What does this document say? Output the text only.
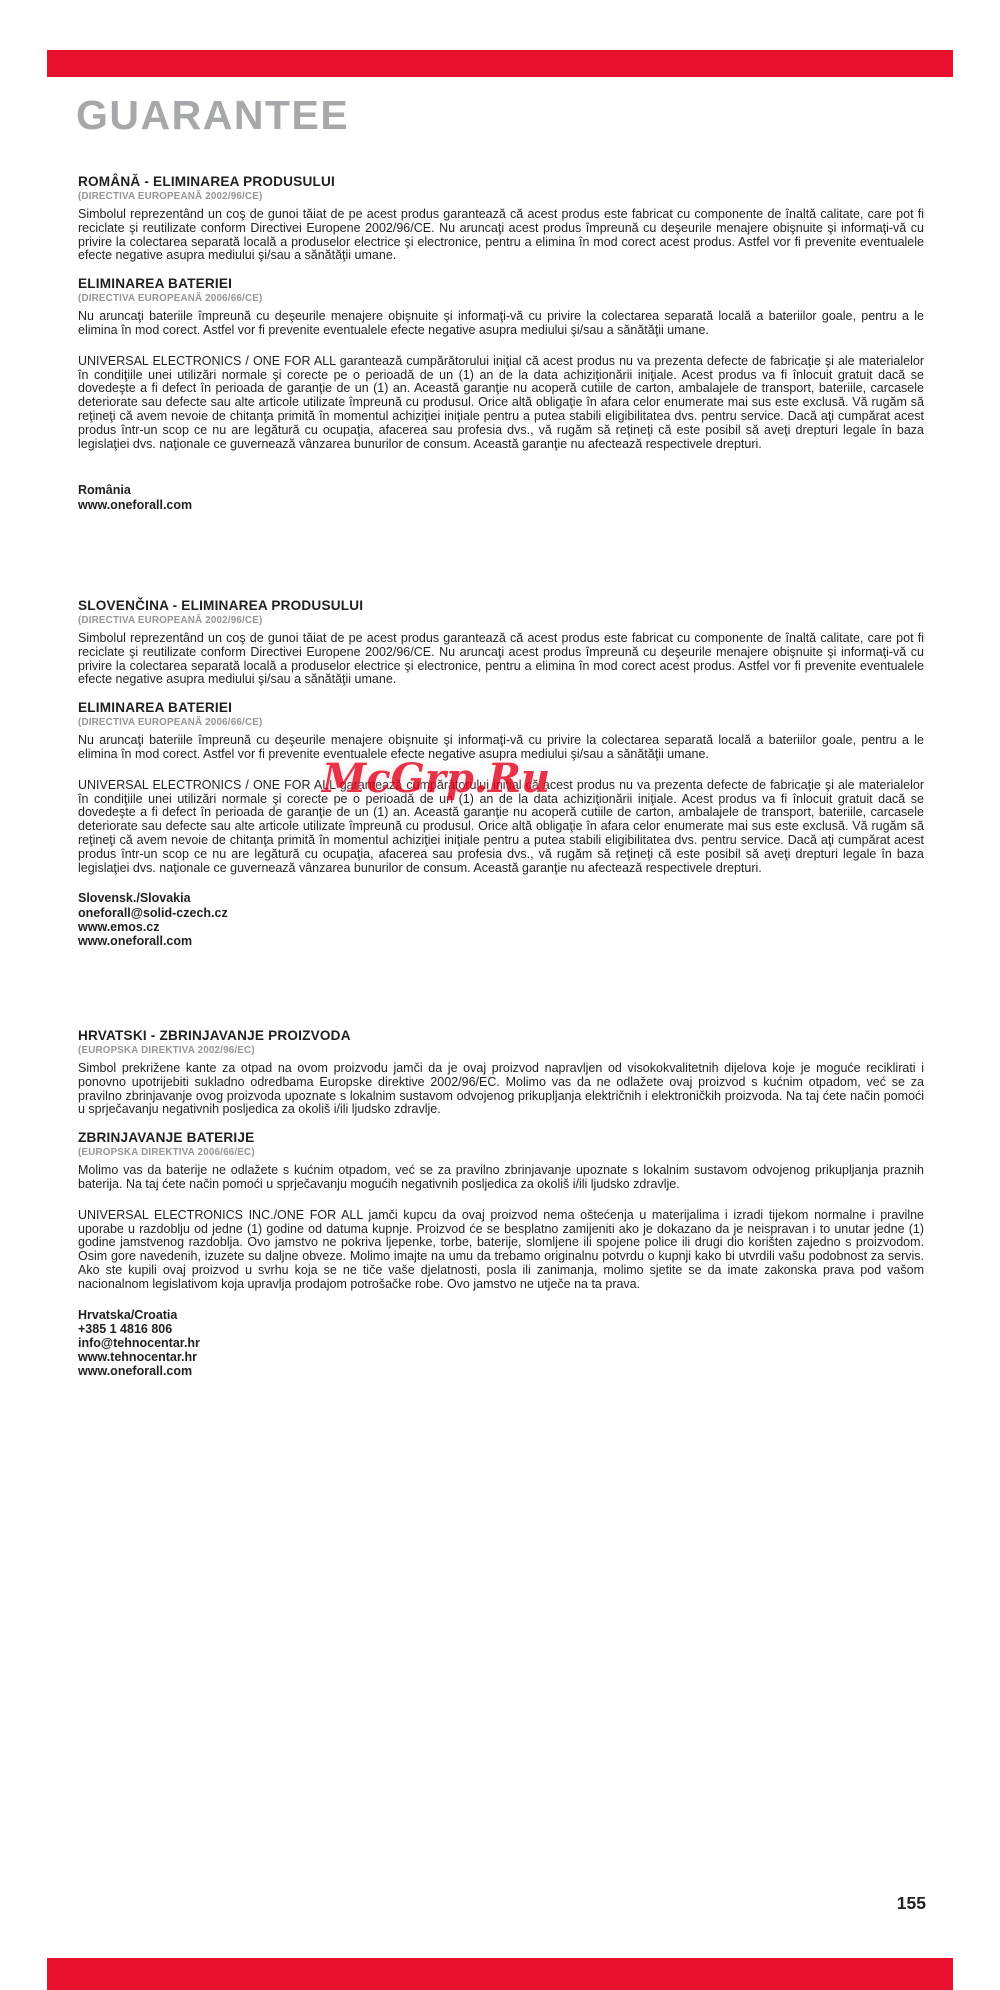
GUARANTEE
ROMÂNĂ - ELIMINAREA PRODUSULUI
(DIRECTIVA EUROPEANĂ 2002/96/CE)

Simbolul reprezentând un coş de gunoi tăiat de pe acest produs garantează că acest produs este fabricat cu componente de înaltă calitate, care pot fi reciclate şi reutilizate conform Directivei Europene 2002/96/CE. Nu aruncaţi acest produs împreună cu deşeurile menajere obişnuite şi informaţi-vă cu privire la colectarea separată locală a produselor electrice şi electronice, pentru a elimina în mod corect acest produs. Astfel vor fi prevenite eventualele efecte negative asupra mediului şi/sau a sănătăţii umane.

ELIMINAREA BATERIEI
(DIRECTIVA EUROPEANĂ 2006/66/CE)

Nu aruncaţi bateriile împreună cu deşeurile menajere obişnuite şi informaţi-vă cu privire la colectarea separată locală a bateriilor goale, pentru a le elimina în mod corect. Astfel vor fi prevenite eventualele efecte negative asupra mediului şi/sau a sănătăţii umane.

UNIVERSAL ELECTRONICS / ONE FOR ALL garantează cumpărătorului iniţial că acest produs nu va prezenta defecte de fabricaţie şi ale materialelor în condiţiile unei utilizări normale şi corecte pe o perioadă de un (1) an de la data achiziţionării iniţiale. Acest produs va fi înlocuit gratuit dacă se dovedeşte a fi defect în perioada de garanţie de un (1) an. Această garanţie nu acoperă cutiile de carton, ambalajele de transport, bateriile, carcasele deteriorate sau defecte sau alte articole utilizate împreună cu produsul. Orice altă obligaţie în afara celor enumerate mai sus este exclusă. Vă rugăm să reţineţi că avem nevoie de chitanţa primită în momentul achiziţiei iniţiale pentru a putea stabili eligibilitatea dvs. pentru service. Dacă aţi cumpărat acest produs într-un scop ce nu are legătură cu ocupaţia, afacerea sau profesia dvs., vă rugăm să reţineţi că este posibil să aveţi drepturi legale în baza legislaţiei dvs. naţionale ce guvernează vânzarea bunurilor de consum. Această garanţie nu afectează respectivele drepturi.

România
www.oneforall.com
SLOVENČINA - ELIMINAREA PRODUSULUI
(DIRECTIVA EUROPEANĂ 2002/96/CE)

Simbolul reprezentând un coş de gunoi tăiat de pe acest produs garantează că acest produs este fabricat cu componente de înaltă calitate, care pot fi reciclate şi reutilizate conform Directivei Europene 2002/96/CE. Nu aruncaţi acest produs împreună cu deşeurile menajere obişnuite şi informaţi-vă cu privire la colectarea separată locală a produselor electrice şi electronice, pentru a elimina în mod corect acest produs. Astfel vor fi prevenite eventualele efecte negative asupra mediului şi/sau a sănătăţii umane.

ELIMINAREA BATERIEI
(DIRECTIVA EUROPEANĂ 2006/66/CE)

Nu aruncaţi bateriile împreună cu deşeurile menajere obişnuite şi informaţi-vă cu privire la colectarea separată locală a bateriilor goale, pentru a le elimina în mod corect. Astfel vor fi prevenite eventualele efecte negative asupra mediului şi/sau a sănătăţii umane.

UNIVERSAL ELECTRONICS / ONE FOR ALL garantează cumpărătorului iniţial că acest produs nu va prezenta defecte de fabricaţie şi ale materialelor în condiţiile unei utilizări normale şi corecte pe o perioadă de un (1) an de la data achiziţionării iniţiale. Acest produs va fi înlocuit gratuit dacă se dovedeşte a fi defect în perioada de garanţie de un (1) an. Această garanţie nu acoperă cutiile de carton, ambalajele de transport, bateriile, carcasele deteriorate sau defecte sau alte articole utilizate împreună cu produsul. Orice altă obligaţie în afara celor enumerate mai sus este exclusă. Vă rugăm să reţineţi că avem nevoie de chitanţa primită în momentul achiziţiei iniţiale pentru a putea stabili eligibilitatea dvs. pentru service. Dacă aţi cumpărat acest produs într-un scop ce nu are legătură cu ocupaţia, afacerea sau profesia dvs., vă rugăm să reţineţi că este posibil să aveţi drepturi legale în baza legislaţiei dvs. naţionale ce guvernează vânzarea bunurilor de consum. Această garanţie nu afectează respectivele drepturi.

Slovensk./Slovakia
oneforall@solid-czech.cz
www.emos.cz
www.oneforall.com
HRVATSKI - ZBRINJAVANJE PROIZVODA
(EUROPSKA DIREKTIVA 2002/96/EC)

Simbol prekrižene kante za otpad na ovom proizvodu jamči da je ovaj proizvod napravljen od visokokvalitetnih dijelova koje je moguće reciklirati i ponovno upotrijebiti sukladno odredbama Europske direktive 2002/96/EC. Molimo vas da ne odlažete ovaj proizvod s kućnim otpadom, već se za pravilno zbrinjavanje ovog proizvoda upoznate s lokalnim sustavom odvojenog prikupljanja električnih i elektroničkih proizvoda. Na taj ćete način pomoći u sprječavanju negativnih posljedica za okoliš i/ili ljudsko zdravlje.

ZBRINJAVANJE BATERIJE
(EUROPSKA DIREKTIVA 2006/66/EC)

Molimo vas da baterije ne odlažete s kućnim otpadom, već se za pravilno zbrinjavanje upoznate s lokalnim sustavom odvojenog prikupljanja praznih baterija. Na taj ćete način pomoći u sprječavanju mogućih negativnih posljedica za okoliš i/ili ljudsko zdravlje.

UNIVERSAL ELECTRONICS INC./ONE FOR ALL jamči kupcu da ovaj proizvod nema oštećenja u materijalima i izradi tijekom normalne i pravilne uporabe u razdoblju od jedne (1) godine od datuma kupnje. Proizvod će se besplatno zamijeniti ako je dokazano da je neispravan i to unutar jedne (1) godine jamstvenog razdoblja. Ovo jamstvo ne pokriva ljepenke, torbe, baterije, slomljene ili spojene police ili drugi dio korišten zajedno s proizvodom. Osim gore navedenih, izuzete su daljne obveze. Molimo imajte na umu da trebamo originalnu potvrdu o kupnji kako bi utvrdili vašu podobnost za servis. Ako ste kupili ovaj proizvod u svrhu koja se ne tiče vaše djelatnosti, posla ili zanimanja, molimo sjetite se da imate zakonska prava pod vašom nacionalnom legislativom koja upravlja prodajom potrošačke robe. Ovo jamstvo ne utječe na ta prava.

Hrvatska/Croatia
+385 1 4816 806
info@tehnocentar.hr
www.tehnocentar.hr
www.oneforall.com
McGrp.Ru
155
